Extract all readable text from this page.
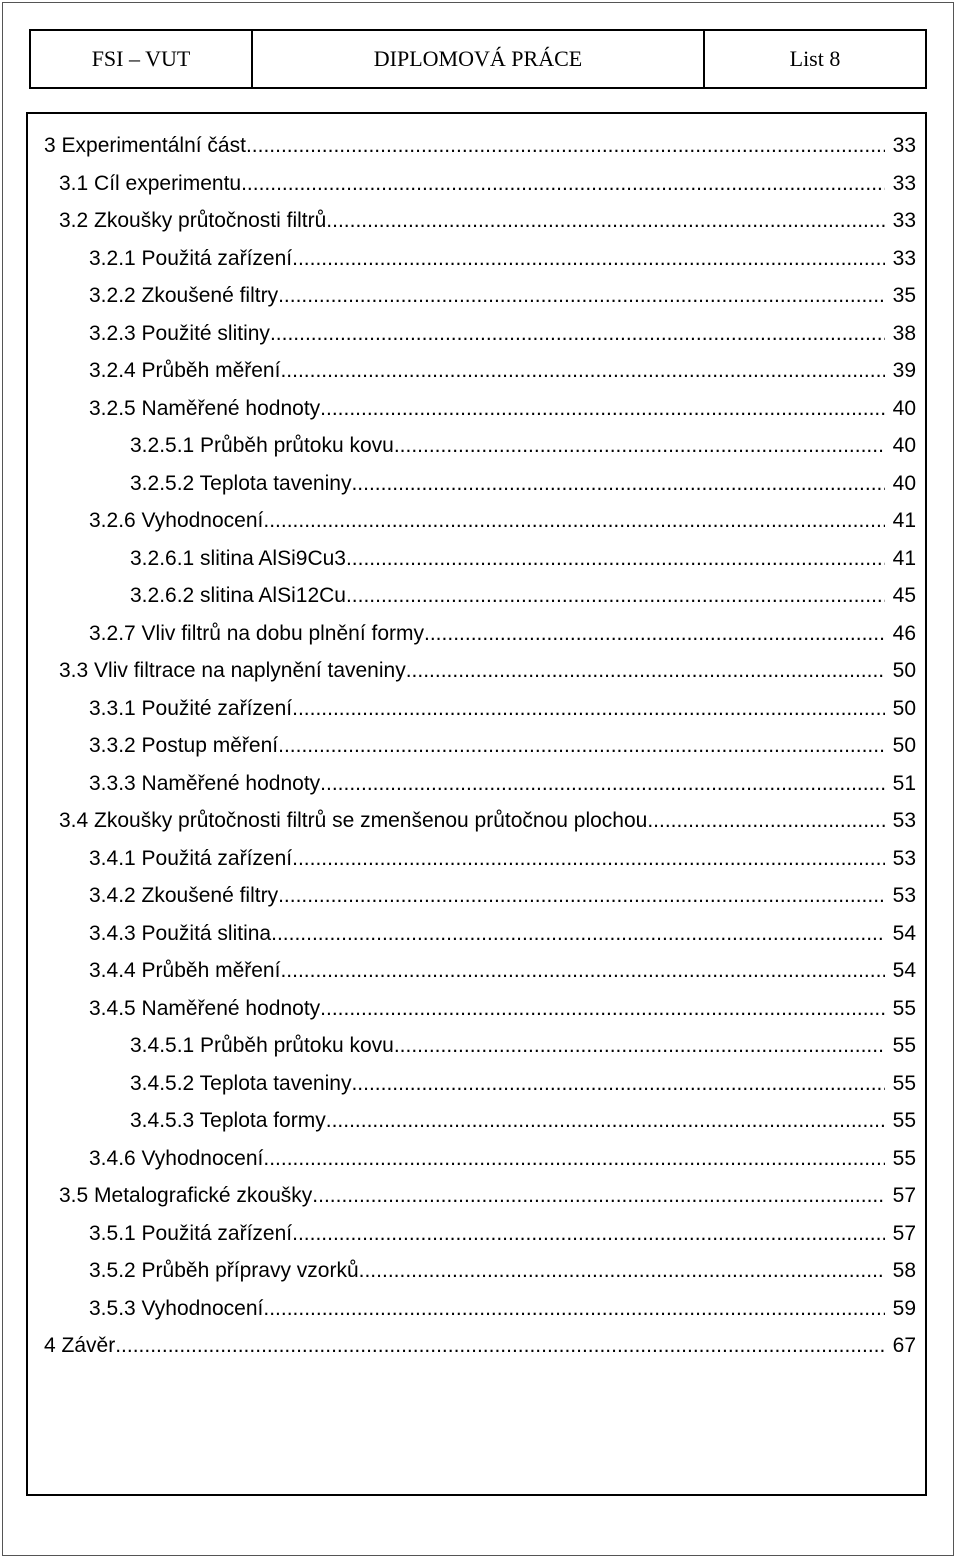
FSI – VUT	DIPLOMOVÁ PRÁCE	List 8
3 Experimentální část .....	33
3.1 Cíl experimentu .....	33
3.2 Zkoušky průtočnosti filtrů .....	33
3.2.1 Použitá zařízení .....	33
3.2.2 Zkoušené filtry .....	35
3.2.3 Použité slitiny .....	38
3.2.4 Průběh měření .....	39
3.2.5 Naměřené hodnoty .....	40
3.2.5.1 Průběh průtoku kovu .....	40
3.2.5.2 Teplota taveniny .....	40
3.2.6 Vyhodnocení .....	41
3.2.6.1 slitina AlSi9Cu3 .....	41
3.2.6.2 slitina AlSi12Cu .....	45
3.2.7 Vliv filtrů na dobu plnění formy .....	46
3.3 Vliv filtrace na naplynění taveniny .....	50
3.3.1 Použité zařízení .....	50
3.3.2 Postup měření .....	50
3.3.3 Naměřené hodnoty .....	51
3.4 Zkoušky průtočnosti filtrů se zmenšenou průtočnou plochou .....	53
3.4.1 Použitá zařízení .....	53
3.4.2 Zkoušené filtry .....	53
3.4.3 Použitá slitina .....	54
3.4.4 Průběh měření .....	54
3.4.5 Naměřené hodnoty .....	55
3.4.5.1 Průběh průtoku kovu .....	55
3.4.5.2 Teplota taveniny .....	55
3.4.5.3 Teplota formy .....	55
3.4.6 Vyhodnocení .....	55
3.5 Metalografické zkoušky .....	57
3.5.1 Použitá zařízení .....	57
3.5.2 Průběh přípravy vzorků .....	58
3.5.3 Vyhodnocení .....	59
4 Závěr .....	67
